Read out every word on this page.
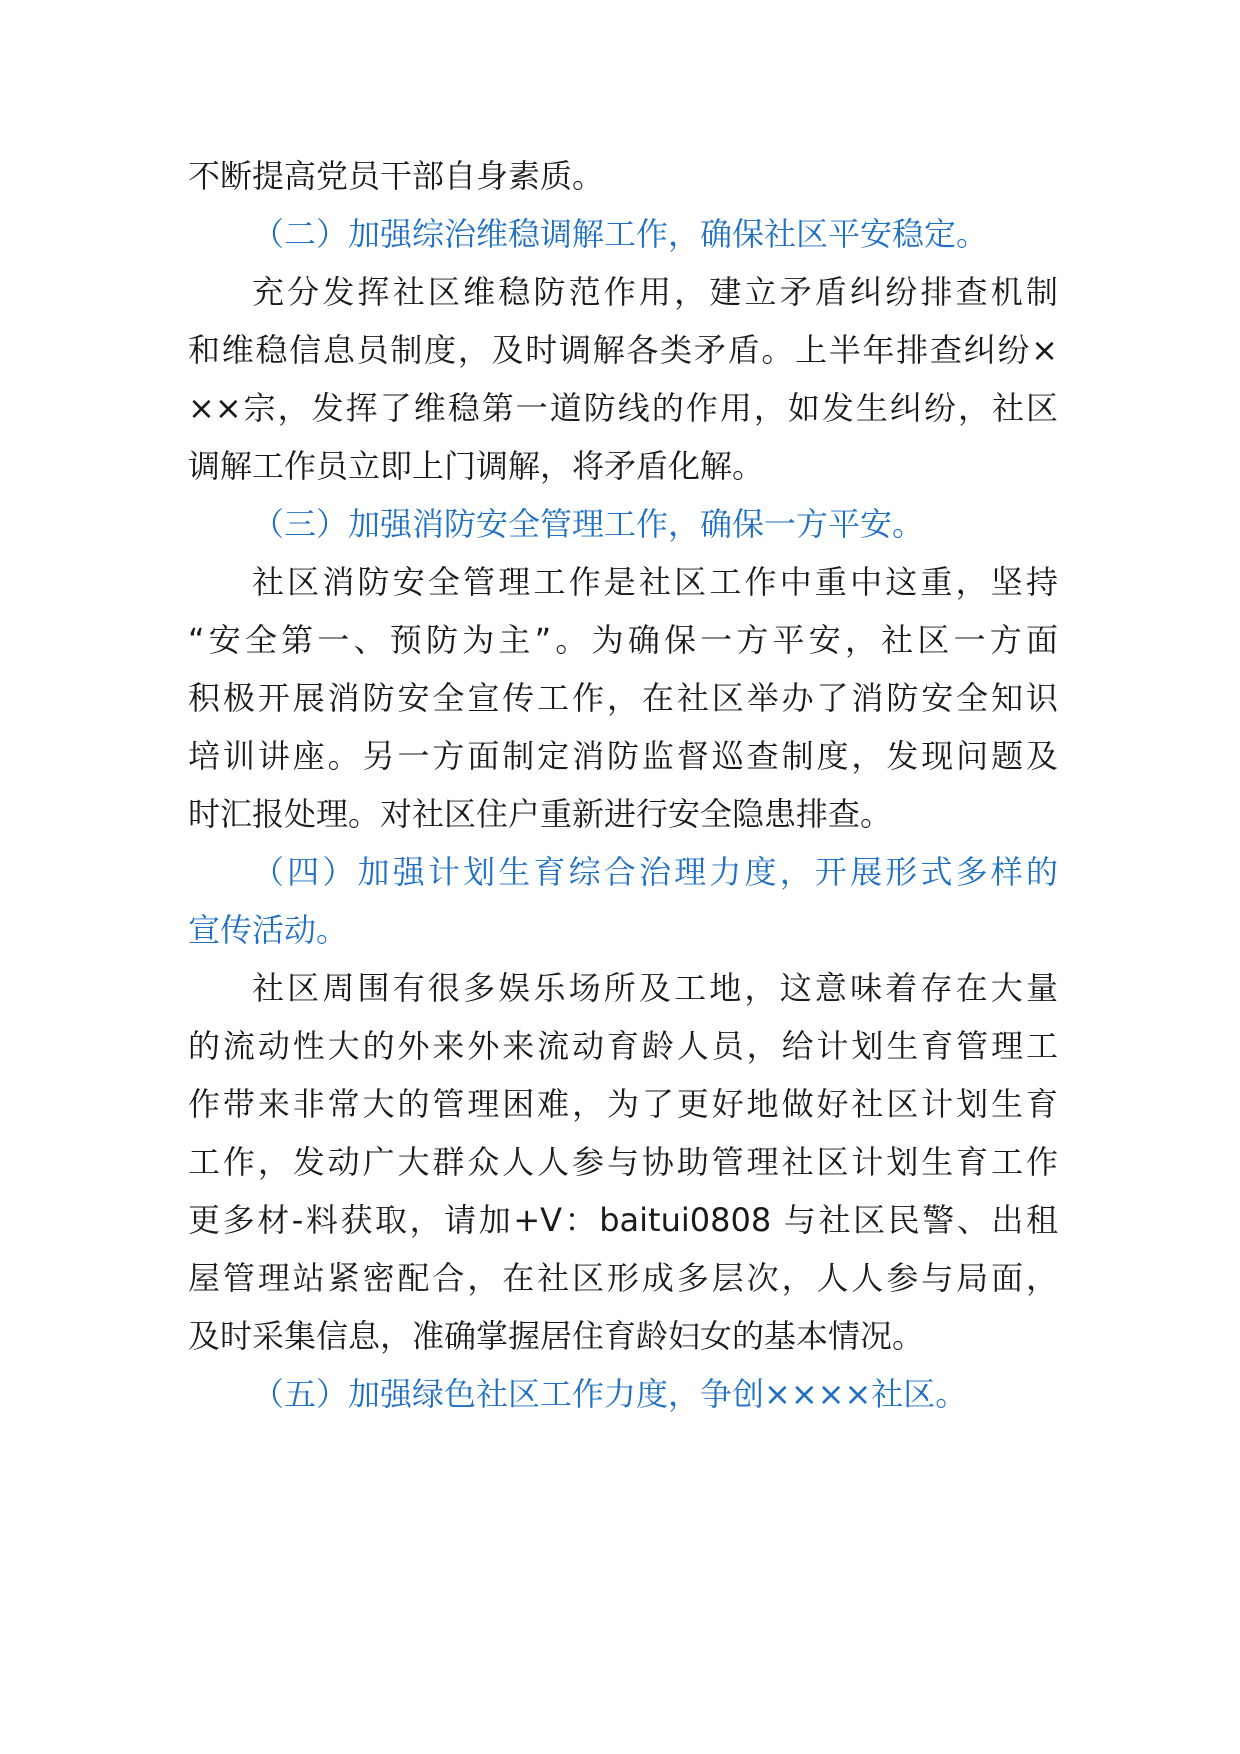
不断提高党员干部自身素质。
（二）加强综治维稳调解工作，确保社区平安稳定。
充分发挥社区维稳防范作用，建立矛盾纠纷排查机制
和维稳信息员制度，及时调解各类矛盾。上半年排查纠纷×
××宗，发挥了维稳第一道防线的作用，如发生纠纷，社区
调解工作员立即上门调解，将矛盾化解。
（三）加强消防安全管理工作，确保一方平安。
社区消防安全管理工作是社区工作中重中这重，坚持
“安全第一、预防为主”。为确保一方平安，社区一方面
积极开展消防安全宣传工作，在社区举办了消防安全知识
培训讲座。另一方面制定消防监督巡查制度，发现问题及
时汇报处理。对社区住户重新进行安全隐患排查。
（四）加强计划生育综合治理力度，开展形式多样的
宣传活动。
社区周围有很多娱乐场所及工地，这意味着存在大量
的流动性大的外来外来流动育龄人员，给计划生育管理工
作带来非常大的管理困难，为了更好地做好社区计划生育
工作，发动广大群众人人参与协助管理社区计划生育工作
更多材-料获取，请加+V：baitui0808 与社区民警、出租
屋管理站紧密配合，在社区形成多层次，人人参与局面，
及时采集信息，准确掌握居住育龄妇女的基本情况。
（五）加强绿色社区工作力度，争创××××社区。
